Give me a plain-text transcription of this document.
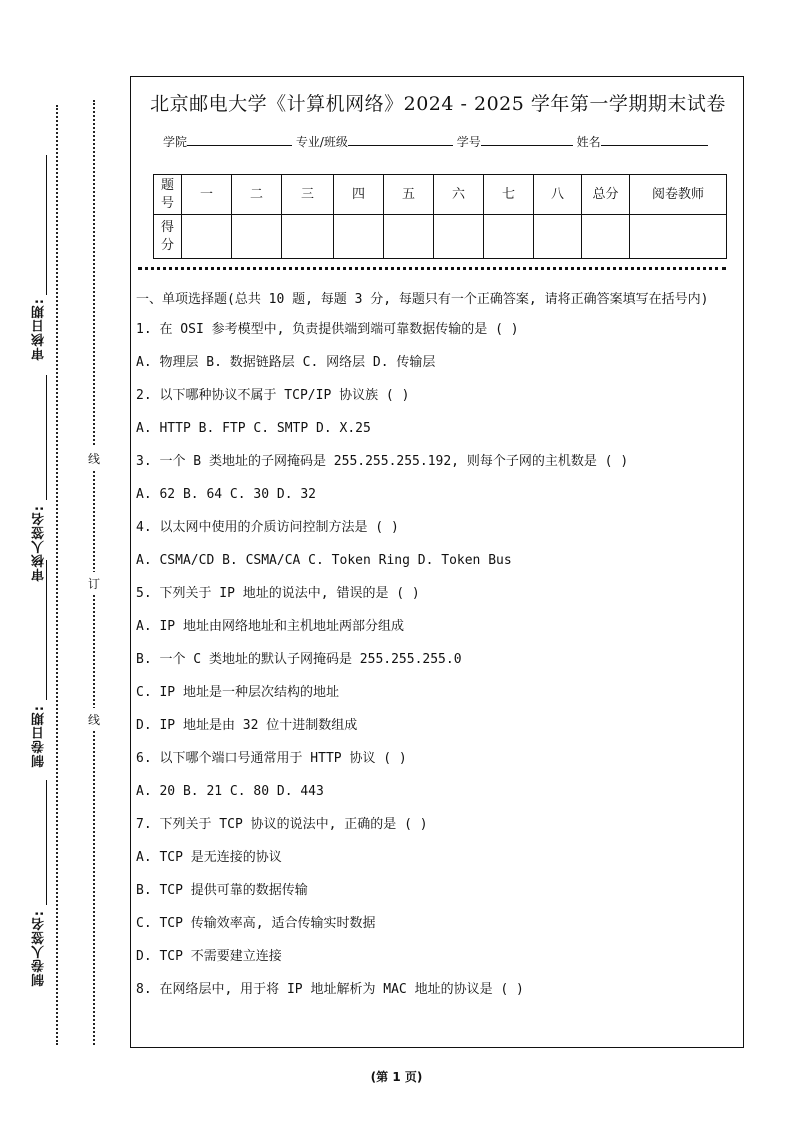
审核日期:
审核人签名:
制卷日期:
制卷人签名:
线
订
线
北京邮电大学《计算机网络》2024 - 2025 学年第一学期期末试卷
学院	专业/班级	学号	姓名
题号	一	二	三	四	五	六	七	八	总分	阅卷教师
得分										
一、单项选择题(总共 10 题, 每题 3 分, 每题只有一个正确答案, 请将正确答案填写在括号内)
1. 在 OSI 参考模型中, 负责提供端到端可靠数据传输的是 ( )
A. 物理层 B. 数据链路层 C. 网络层 D. 传输层
2. 以下哪种协议不属于 TCP/IP 协议族 ( )
A. HTTP B. FTP C. SMTP D. X.25
3. 一个 B 类地址的子网掩码是 255.255.255.192, 则每个子网的主机数是 ( )
A. 62 B. 64 C. 30 D. 32
4. 以太网中使用的介质访问控制方法是 ( )
A. CSMA/CD B. CSMA/CA C. Token Ring D. Token Bus
5. 下列关于 IP 地址的说法中, 错误的是 ( )
A. IP 地址由网络地址和主机地址两部分组成
B. 一个 C 类地址的默认子网掩码是 255.255.255.0
C. IP 地址是一种层次结构的地址
D. IP 地址是由 32 位十进制数组成
6. 以下哪个端口号通常用于 HTTP 协议 ( )
A. 20 B. 21 C. 80 D. 443
7. 下列关于 TCP 协议的说法中, 正确的是 ( )
A. TCP 是无连接的协议
B. TCP 提供可靠的数据传输
C. TCP 传输效率高, 适合传输实时数据
D. TCP 不需要建立连接
8. 在网络层中, 用于将 IP 地址解析为 MAC 地址的协议是 ( )
(第 1 页)
